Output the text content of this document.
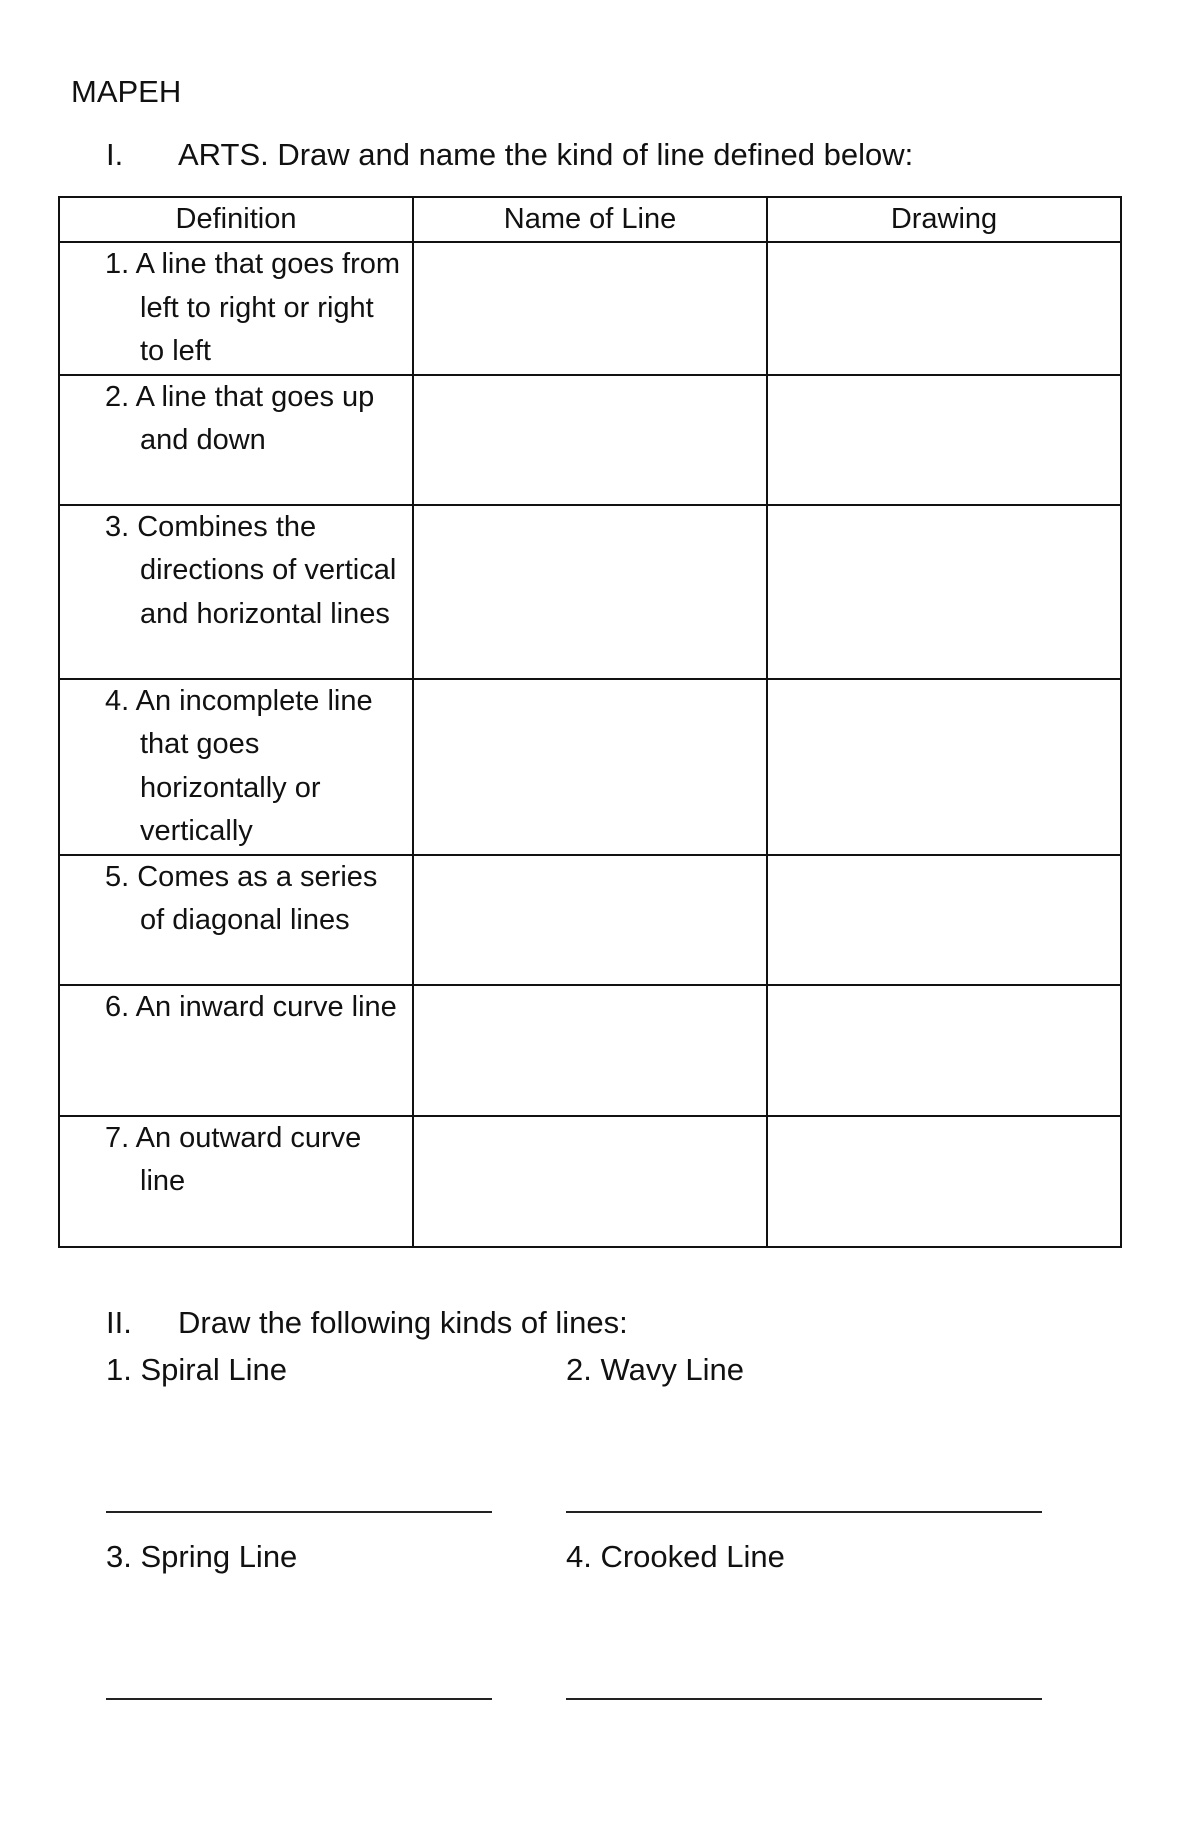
MAPEH
I. ARTS. Draw and name the kind of line defined below:
Definition	Name of Line	Drawing

1. A line that goes from left to right or right to left		

2. A line that goes up and down		

3. Combines the directions of vertical and horizontal lines		

4. An incomplete line that goes horizontally or vertically		

5. Comes as a series of diagonal lines		

6. An inward curve line		

7. An outward curve line		

II. Draw the following kinds of lines:
1. Spiral Line	2. Wavy Line
3. Spring Line	4. Crooked Line
